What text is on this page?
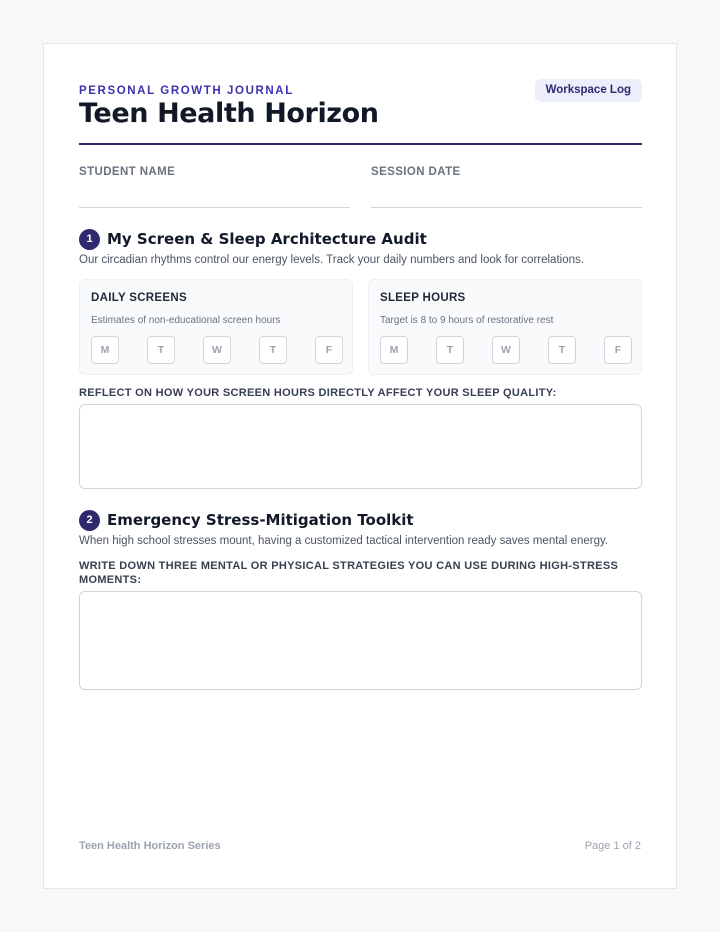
PERSONAL GROWTH JOURNAL
Teen Health Horizon
Workspace Log
STUDENT NAME	SESSION DATE
1 My Screen & Sleep Architecture Audit
Our circadian rhythms control our energy levels. Track your daily numbers and look for correlations.
DAILY SCREENS
Estimates of non-educational screen hours
M	T	W	T	F
SLEEP HOURS
Target is 8 to 9 hours of restorative rest
M	T	W	T	F
REFLECT ON HOW YOUR SCREEN HOURS DIRECTLY AFFECT YOUR SLEEP QUALITY:
2 Emergency Stress-Mitigation Toolkit
When high school stresses mount, having a customized tactical intervention ready saves mental energy.
WRITE DOWN THREE MENTAL OR PHYSICAL STRATEGIES YOU CAN USE DURING HIGH-STRESS MOMENTS:
Teen Health Horizon Series	Page 1 of 2
